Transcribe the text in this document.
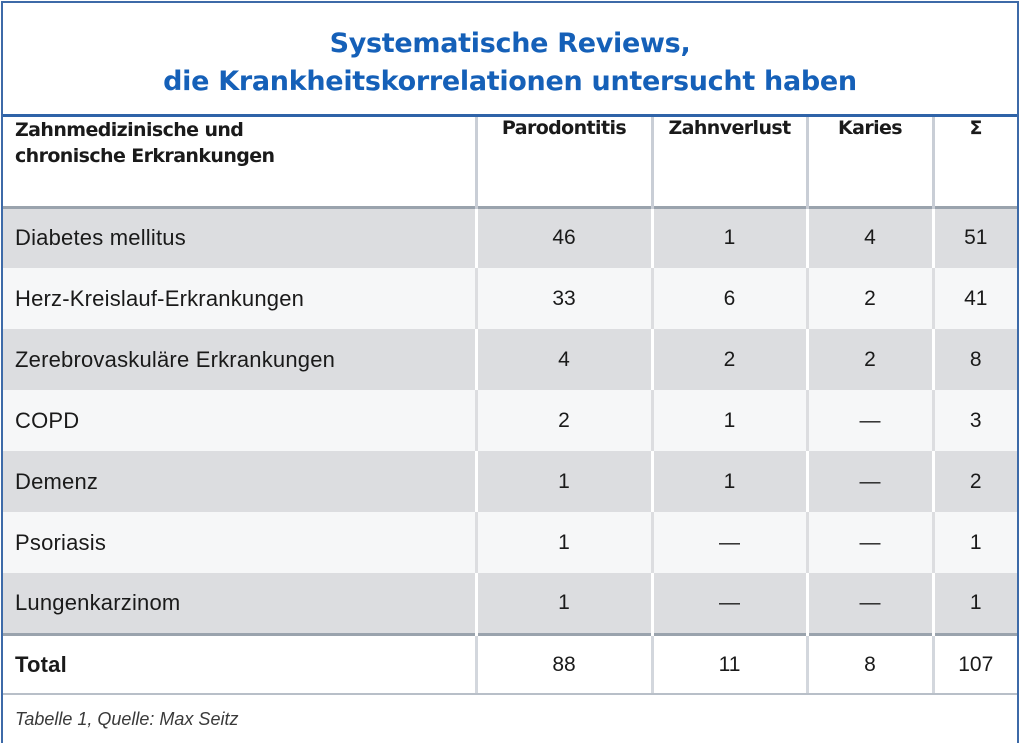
Systematische Reviews,
die Krankheitskorrelationen untersucht haben
Zahnmedizinische und
chronische Erkrankungen	Parodontitis	Zahnverlust	Karies	Σ
Diabetes mellitus	46	1	4	51
Herz-Kreislauf-Erkrankungen	33	6	2	41
Zerebrovaskuläre Erkrankungen	4	2	2	8
COPD	2	1	—	3
Demenz	1	1	—	2
Psoriasis	1	—	—	1
Lungenkarzinom	1	—	—	1
Total	88	11	8	107
Tabelle 1, Quelle: Max Seitz
